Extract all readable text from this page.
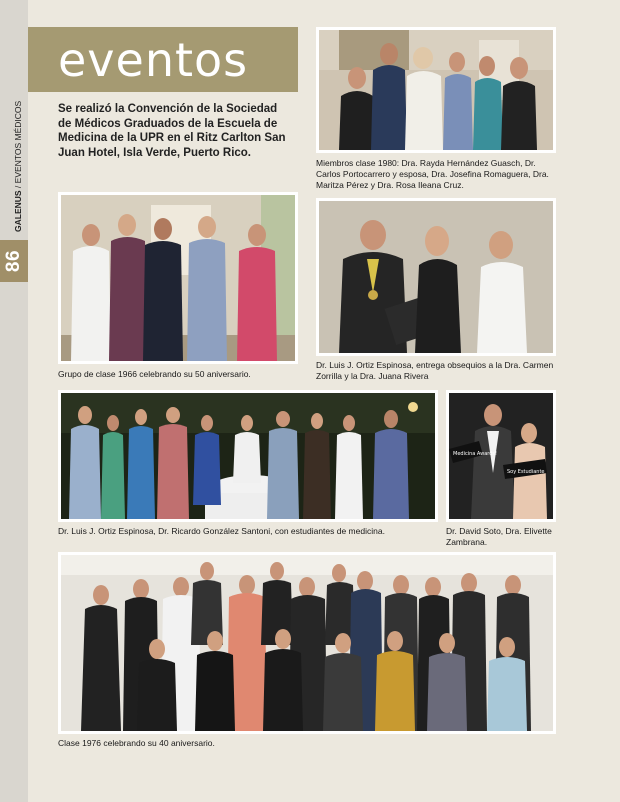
86
GALENUS / EVENTOS MÉDICOS
eventos
Se realizó la Convención de la Sociedad de Médicos Graduados de la Escuela de Medicina de la UPR en el Ritz Carlton San Juan Hotel, Isla Verde, Puerto Rico.
Miembros clase 1980: Dra. Rayda Hernández Guasch, Dr. Carlos Portocarrero y esposa, Dra. Josefina Romaguera, Dra. Maritza Pérez y Dra. Rosa Ileana Cruz.
Grupo de clase 1966 celebrando su 50 aniversario.
Dr. Luis J. Ortiz Espinosa, entrega obsequios a la Dra. Carmen Zorrilla y la Dra. Juana Rivera
Dr. Luis J. Ortiz Espinosa, Dr. Ricardo González Santoni, con estudiantes de medicina.
Medicina Awards!
Soy Estudiante
Dr. David Soto, Dra. Elivette Zambrana.
Clase 1976 celebrando su 40 aniversario.
